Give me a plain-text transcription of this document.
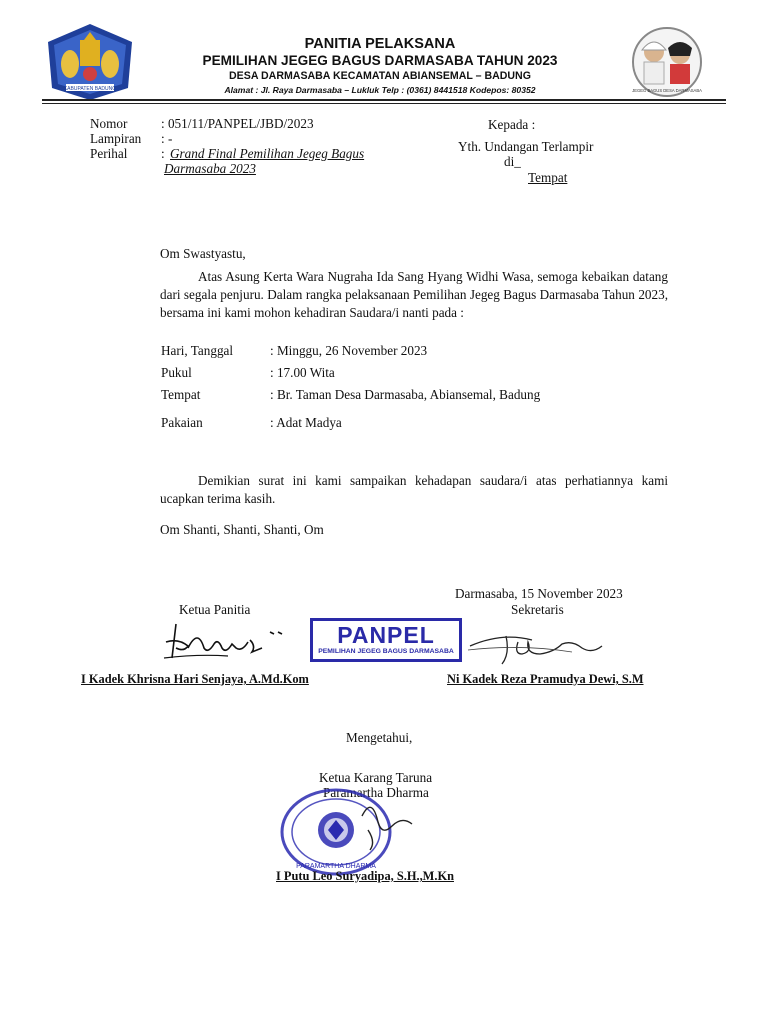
KABUPATEN BADUNG
PANITIA PELAKSANA
PEMILIHAN JEGEG BAGUS DARMASABA TAHUN 2023
DESA DARMASABA KECAMATAN ABIANSEMAL – BADUNG
Alamat : Jl. Raya Darmasaba – Lukluk Telp : (0361) 8441518 Kodepos: 80352	JEGEG BAGUS DESA DARMASABA
Nomor	: 051/11/PANPEL/JBD/2023
Lampiran : -
Perihal	: Grand Final Pemilihan Jegeg Bagus
Darmasaba 2023
Kepada :
Yth. Undangan Terlampir
di_
Tempat
Om Swastyastu,
Atas Asung Kerta Wara Nugraha Ida Sang Hyang Widhi Wasa, semoga kebaikan datang dari segala penjuru. Dalam rangka pelaksanaan Pemilihan Jegeg Bagus Darmasaba Tahun 2023, bersama ini kami mohon kehadiran Saudara/i nanti pada :
Hari, Tanggal	: Minggu, 26 November 2023
Pukul	: 17.00 Wita
Tempat	: Br. Taman Desa Darmasaba, Abiansemal, Badung
Pakaian	: Adat Madya
Demikian surat ini kami sampaikan kehadapan saudara/i atas perhatiannya kami ucapkan terima kasih.
Om Shanti, Shanti, Shanti, Om
Darmasaba, 15 November 2023
Ketua Panitia	Sekretaris
PANPEL
PEMILIHAN JEGEG BAGUS DARMASABA
I Kadek Khrisna Hari Senjaya, A.Md.Kom	Ni Kadek Reza Pramudya Dewi, S.M
Mengetahui,
Ketua Karang Taruna
Paramartha Dharma
PARAMARTHA DHARMA
I Putu Leo Suryadipa, S.H.,M.Kn
